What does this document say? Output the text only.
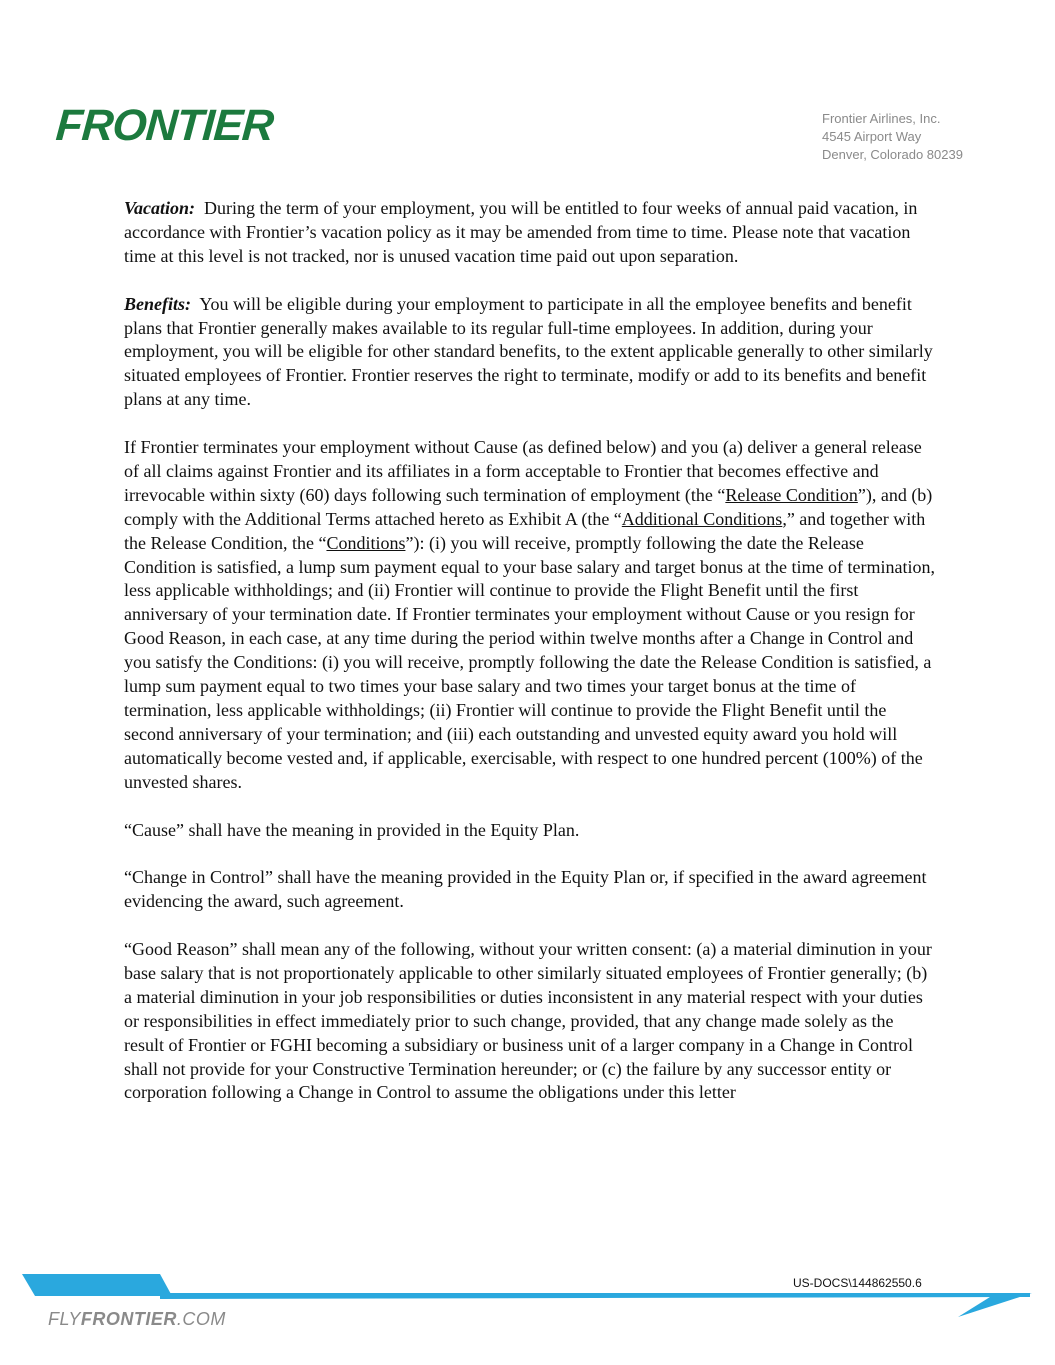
FRONTIER	Frontier Airlines, Inc.
4545 Airport Way
Denver, Colorado 80239

Vacation: During the term of your employment, you will be entitled to four weeks of annual paid vacation, in accordance with Frontier’s vacation policy as it may be amended from time to time. Please note that vacation time at this level is not tracked, nor is unused vacation time paid out upon separation.

Benefits: You will be eligible during your employment to participate in all the employee benefits and benefit plans that Frontier generally makes available to its regular full-time employees. In addition, during your employment, you will be eligible for other standard benefits, to the extent applicable generally to other similarly situated employees of Frontier. Frontier reserves the right to terminate, modify or add to its benefits and benefit plans at any time.

If Frontier terminates your employment without Cause (as defined below) and you (a) deliver a general release of all claims against Frontier and its affiliates in a form acceptable to Frontier that becomes effective and irrevocable within sixty (60) days following such termination of employment (the “Release Condition”), and (b) comply with the Additional Terms attached hereto as Exhibit A (the “Additional Conditions,” and together with the Release Condition, the “Conditions”): (i) you will receive, promptly following the date the Release Condition is satisfied, a lump sum payment equal to your base salary and target bonus at the time of termination, less applicable withholdings; and (ii) Frontier will continue to provide the Flight Benefit until the first anniversary of your termination date. If Frontier terminates your employment without Cause or you resign for Good Reason, in each case, at any time during the period within twelve months after a Change in Control and you satisfy the Conditions: (i) you will receive, promptly following the date the Release Condition is satisfied, a lump sum payment equal to two times your base salary and two times your target bonus at the time of termination, less applicable withholdings; (ii) Frontier will continue to provide the Flight Benefit until the second anniversary of your termination; and (iii) each outstanding and unvested equity award you hold will automatically become vested and, if applicable, exercisable, with respect to one hundred percent (100%) of the unvested shares.

“Cause” shall have the meaning in provided in the Equity Plan.

“Change in Control” shall have the meaning provided in the Equity Plan or, if specified in the award agreement evidencing the award, such agreement.

“Good Reason” shall mean any of the following, without your written consent: (a) a material diminution in your base salary that is not proportionately applicable to other similarly situated employees of Frontier generally; (b) a material diminution in your job responsibilities or duties inconsistent in any material respect with your duties or responsibilities in effect immediately prior to such change, provided, that any change made solely as the result of Frontier or FGHI becoming a subsidiary or business unit of a larger company in a Change in Control shall not provide for your Constructive Termination hereunder; or (c) the failure by any successor entity or corporation following a Change in Control to assume the obligations under this letter

US-DOCS\144862550.6
FLYFRONTIER.COM
